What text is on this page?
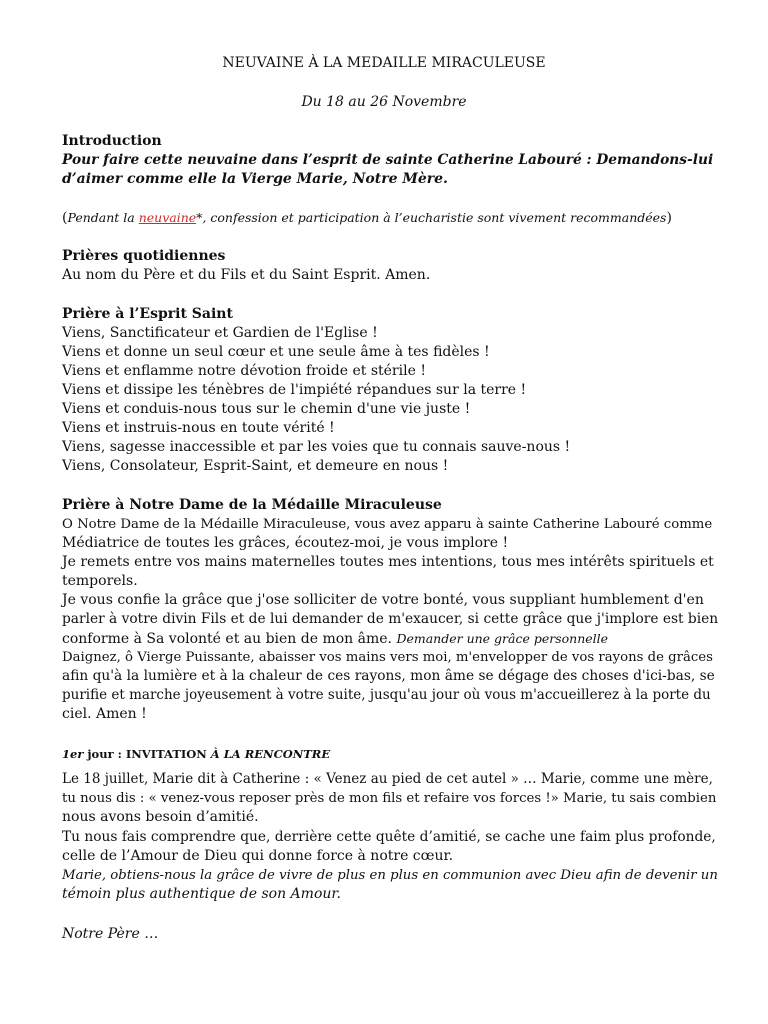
NEUVAINE À LA MEDAILLE MIRACULEUSE
Du 18 au 26 Novembre
Introduction
Pour faire cette neuvaine dans l’esprit de sainte Catherine Labouré : Demandons-lui
d’aimer comme elle la Vierge Marie, Notre Mère.
(Pendant la neuvaine*, confession et participation à l’eucharistie sont vivement recommandées)
Prières quotidiennes
Au nom du Père et du Fils et du Saint Esprit. Amen.
Prière à l’Esprit Saint
Viens, Sanctificateur et Gardien de l'Eglise !
Viens et donne un seul cœur et une seule âme à tes fidèles !
Viens et enflamme notre dévotion froide et stérile !
Viens et dissipe les ténèbres de l'impiété répandues sur la terre !
Viens et conduis-nous tous sur le chemin d'une vie juste !
Viens et instruis-nous en toute vérité !
Viens, sagesse inaccessible et par les voies que tu connais sauve-nous !
Viens, Consolateur, Esprit-Saint, et demeure en nous !
Prière à Notre Dame de la Médaille Miraculeuse
O Notre Dame de la Médaille Miraculeuse, vous avez apparu à sainte Catherine Labouré comme
Médiatrice de toutes les grâces, écoutez-moi, je vous implore !
Je remets entre vos mains maternelles toutes mes intentions, tous mes intérêts spirituels et
temporels.
Je vous confie la grâce que j'ose solliciter de votre bonté, vous suppliant humblement d'en
parler à votre divin Fils et de lui demander de m'exaucer, si cette grâce que j'implore est bien
conforme à Sa volonté et au bien de mon âme. Demander une grâce personnelle
Daignez, ô Vierge Puissante, abaisser vos mains vers moi, m'envelopper de vos rayons de grâces
afin qu'à la lumière et à la chaleur de ces rayons, mon âme se dégage des choses d'ici-bas, se
purifie et marche joyeusement à votre suite, jusqu'au jour où vous m'accueillerez à la porte du
ciel. Amen !
1er jour : INVITATION À LA RENCONTRE
Le 18 juillet, Marie dit à Catherine : « Venez au pied de cet autel » … Marie, comme une mère,
tu nous dis : « venez-vous reposer près de mon fils et refaire vos forces !» Marie, tu sais combien
nous avons besoin d’amitié.
Tu nous fais comprendre que, derrière cette quête d’amitié, se cache une faim plus profonde,
celle de l’Amour de Dieu qui donne force à notre cœur.
Marie, obtiens-nous la grâce de vivre de plus en plus en communion avec Dieu afin de devenir un
témoin plus authentique de son Amour.
Notre Père …
